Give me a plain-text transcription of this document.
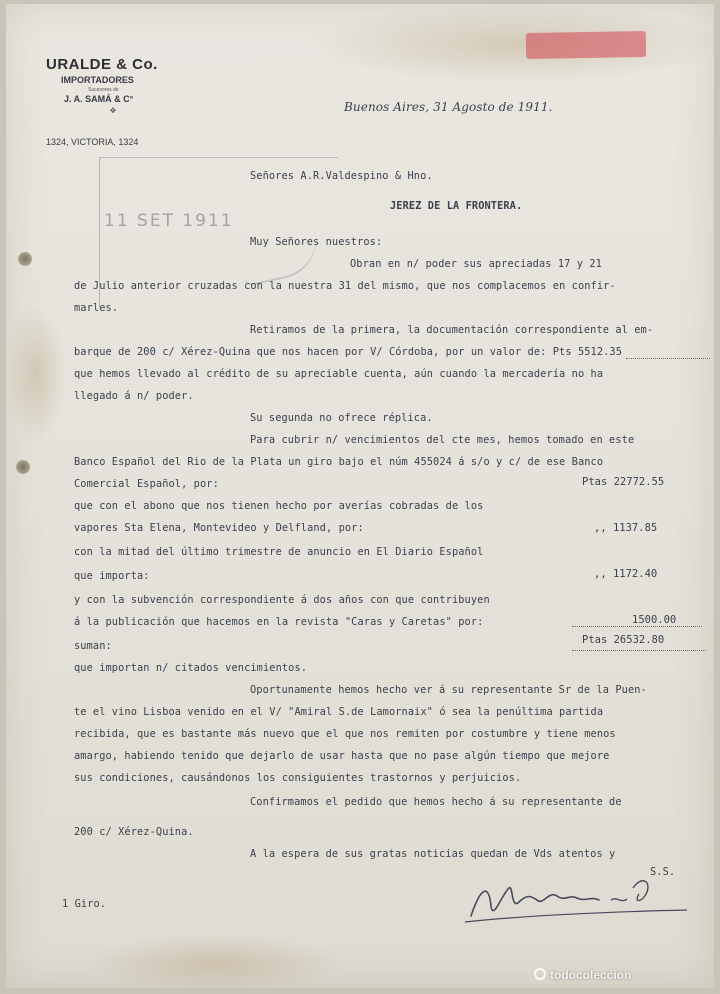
URALDE & Co.
IMPORTADORES
Sucesores de
J. A. SAMÁ & C°
✥
1324, VICTORIA, 1324
11 SET 1911
Buenos Aires, 31 Agosto de 1911.
Señores A.R.Valdespino & Hno.
JEREZ DE LA FRONTERA.
Muy Señores nuestros:
Obran en n/ poder sus apreciadas 17 y 21
de Julio anterior cruzadas con la nuestra 31 del mismo, que nos complacemos en confir-
marles.
Retiramos de la primera, la documentación correspondiente al em-
barque de 200 c/ Xérez-Quina que nos hacen por V/ Córdoba, por un valor de: Pts 5512.35
que hemos llevado al crédito de su apreciable cuenta, aún cuando la mercadería no ha
llegado á n/ poder.
Su segunda no ofrece réplica.
Para cubrir n/ vencimientos del cte mes, hemos tomado en este
Banco Español del Rio de la Plata un giro bajo el núm 455024 á s/o y c/ de ese Banco
Comercial Español, por:
que con el abono que nos tienen hecho por averías cobradas de los
vapores Sta Elena, Montevideo y Delfland, por:
con la mitad del último trimestre de anuncio en El Diario Español
que importa:
y con la subvención correspondiente á dos años con que contribuyen
á la publicación que hacemos en la revista "Caras y Caretas" por:
suman:
que importan n/ citados vencimientos.
Oportunamente hemos hecho ver á su representante Sr de la Puen-
te el vino Lisboa venido en el V/ "Amiral S.de Lamornaix" ó sea la penúltima partida
recibida, que es bastante más nuevo que el que nos remiten por costumbre y tiene menos
amargo, habiendo tenido que dejarlo de usar hasta que no pase algún tiempo que mejore
sus condiciones, causándonos los consiguientes trastornos y perjuicios.
Confirmamos el pedido que hemos hecho á su representante de
200 c/ Xérez-Quina.
A la espera de sus gratas noticias quedan de Vds atentos y
S.S.
Ptas 22772.55
,, 1137.85
,, 1172.40
1500.00
Ptas 26532.80
1 Giro.
todocoleccion
